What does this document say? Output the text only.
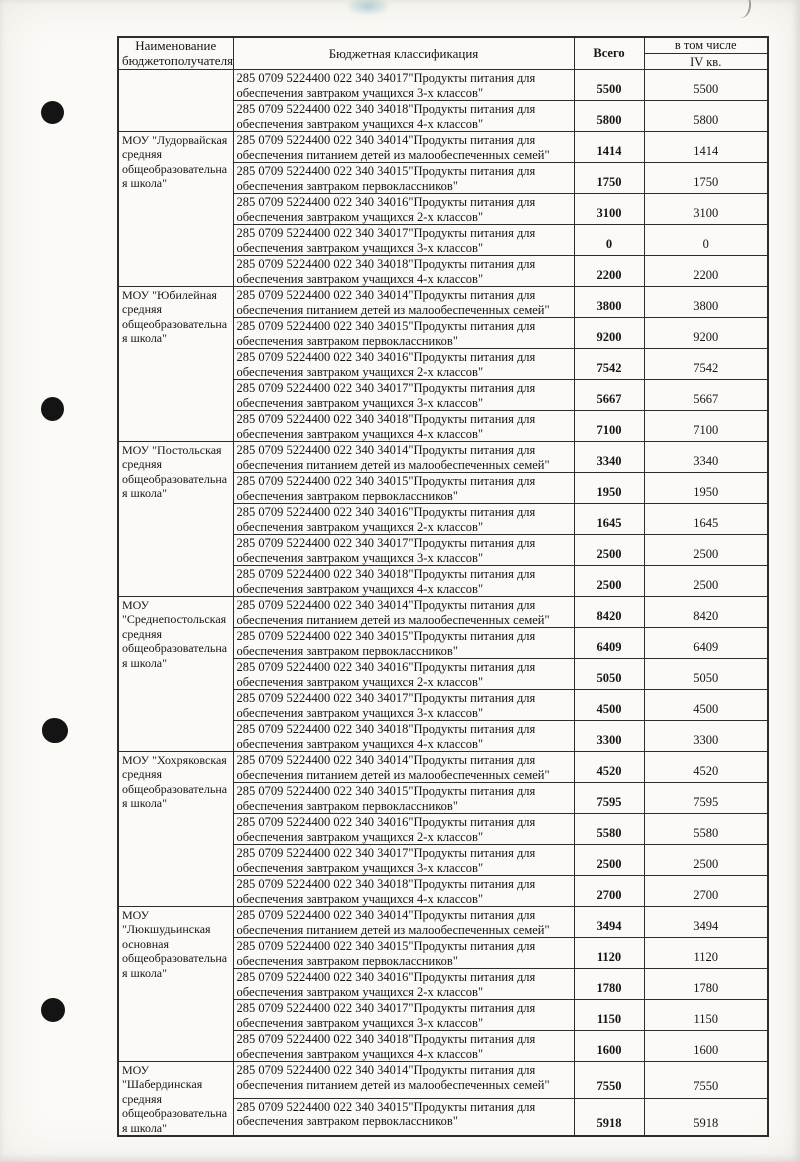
Наименование бюджетополучателя	Бюджетная классификация	Всего	в том числе
IV кв.

	285 0709 5224400 022 340 34017"Продукты питания для обеспечения завтраком учащихся 3-х классов"	5500	5500
	285 0709 5224400 022 340 34018"Продукты питания для обеспечения завтраком учащихся 4-х классов"	5800	5800
МОУ "Лудорвайская средняя общеобразовательная школа"	285 0709 5224400 022 340 34014"Продукты питания для обеспечения питанием детей из малообеспеченных семей"	1414	1414
	285 0709 5224400 022 340 34015"Продукты питания для обеспечения завтраком первоклассников"	1750	1750
	285 0709 5224400 022 340 34016"Продукты питания для обеспечения завтраком учащихся 2-х классов"	3100	3100
	285 0709 5224400 022 340 34017"Продукты питания для обеспечения завтраком учащихся 3-х классов"	0	0
	285 0709 5224400 022 340 34018"Продукты питания для обеспечения завтраком учащихся 4-х классов"	2200	2200
МОУ "Юбилейная средняя общеобразовательная школа"	285 0709 5224400 022 340 34014"Продукты питания для обеспечения питанием детей из малообеспеченных семей"	3800	3800
	285 0709 5224400 022 340 34015"Продукты питания для обеспечения завтраком первоклассников"	9200	9200
	285 0709 5224400 022 340 34016"Продукты питания для обеспечения завтраком учащихся 2-х классов"	7542	7542
	285 0709 5224400 022 340 34017"Продукты питания для обеспечения завтраком учащихся 3-х классов"	5667	5667
	285 0709 5224400 022 340 34018"Продукты питания для обеспечения завтраком учащихся 4-х классов"	7100	7100
МОУ "Постольская средняя общеобразовательная школа"	285 0709 5224400 022 340 34014"Продукты питания для обеспечения питанием детей из малообеспеченных семей"	3340	3340
	285 0709 5224400 022 340 34015"Продукты питания для обеспечения завтраком первоклассников"	1950	1950
	285 0709 5224400 022 340 34016"Продукты питания для обеспечения завтраком учащихся 2-х классов"	1645	1645
	285 0709 5224400 022 340 34017"Продукты питания для обеспечения завтраком учащихся 3-х классов"	2500	2500
	285 0709 5224400 022 340 34018"Продукты питания для обеспечения завтраком учащихся 4-х классов"	2500	2500
МОУ "Среднепостольская средняя общеобразовательная школа"	285 0709 5224400 022 340 34014"Продукты питания для обеспечения питанием детей из малообеспеченных семей"	8420	8420
	285 0709 5224400 022 340 34015"Продукты питания для обеспечения завтраком первоклассников"	6409	6409
	285 0709 5224400 022 340 34016"Продукты питания для обеспечения завтраком учащихся 2-х классов"	5050	5050
	285 0709 5224400 022 340 34017"Продукты питания для обеспечения завтраком учащихся 3-х классов"	4500	4500
	285 0709 5224400 022 340 34018"Продукты питания для обеспечения завтраком учащихся 4-х классов"	3300	3300
МОУ "Хохряковская средняя общеобразовательная школа"	285 0709 5224400 022 340 34014"Продукты питания для обеспечения питанием детей из малообеспеченных семей"	4520	4520
	285 0709 5224400 022 340 34015"Продукты питания для обеспечения завтраком первоклассников"	7595	7595
	285 0709 5224400 022 340 34016"Продукты питания для обеспечения завтраком учащихся 2-х классов"	5580	5580
	285 0709 5224400 022 340 34017"Продукты питания для обеспечения завтраком учащихся 3-х классов"	2500	2500
	285 0709 5224400 022 340 34018"Продукты питания для обеспечения завтраком учащихся 4-х классов"	2700	2700
МОУ "Люкшудьинская основная общеобразовательная школа"	285 0709 5224400 022 340 34014"Продукты питания для обеспечения питанием детей из малообеспеченных семей"	3494	3494
	285 0709 5224400 022 340 34015"Продукты питания для обеспечения завтраком первоклассников"	1120	1120
	285 0709 5224400 022 340 34016"Продукты питания для обеспечения завтраком учащихся 2-х классов"	1780	1780
	285 0709 5224400 022 340 34017"Продукты питания для обеспечения завтраком учащихся 3-х классов"	1150	1150
	285 0709 5224400 022 340 34018"Продукты питания для обеспечения завтраком учащихся 4-х классов"	1600	1600
МОУ "Шабердинская средняя общеобразовательная школа"	285 0709 5224400 022 340 34014"Продукты питания для обеспечения питанием детей из малообеспеченных семей"	7550	7550
	285 0709 5224400 022 340 34015"Продукты питания для обеспечения завтраком первоклассников"	5918	5918
